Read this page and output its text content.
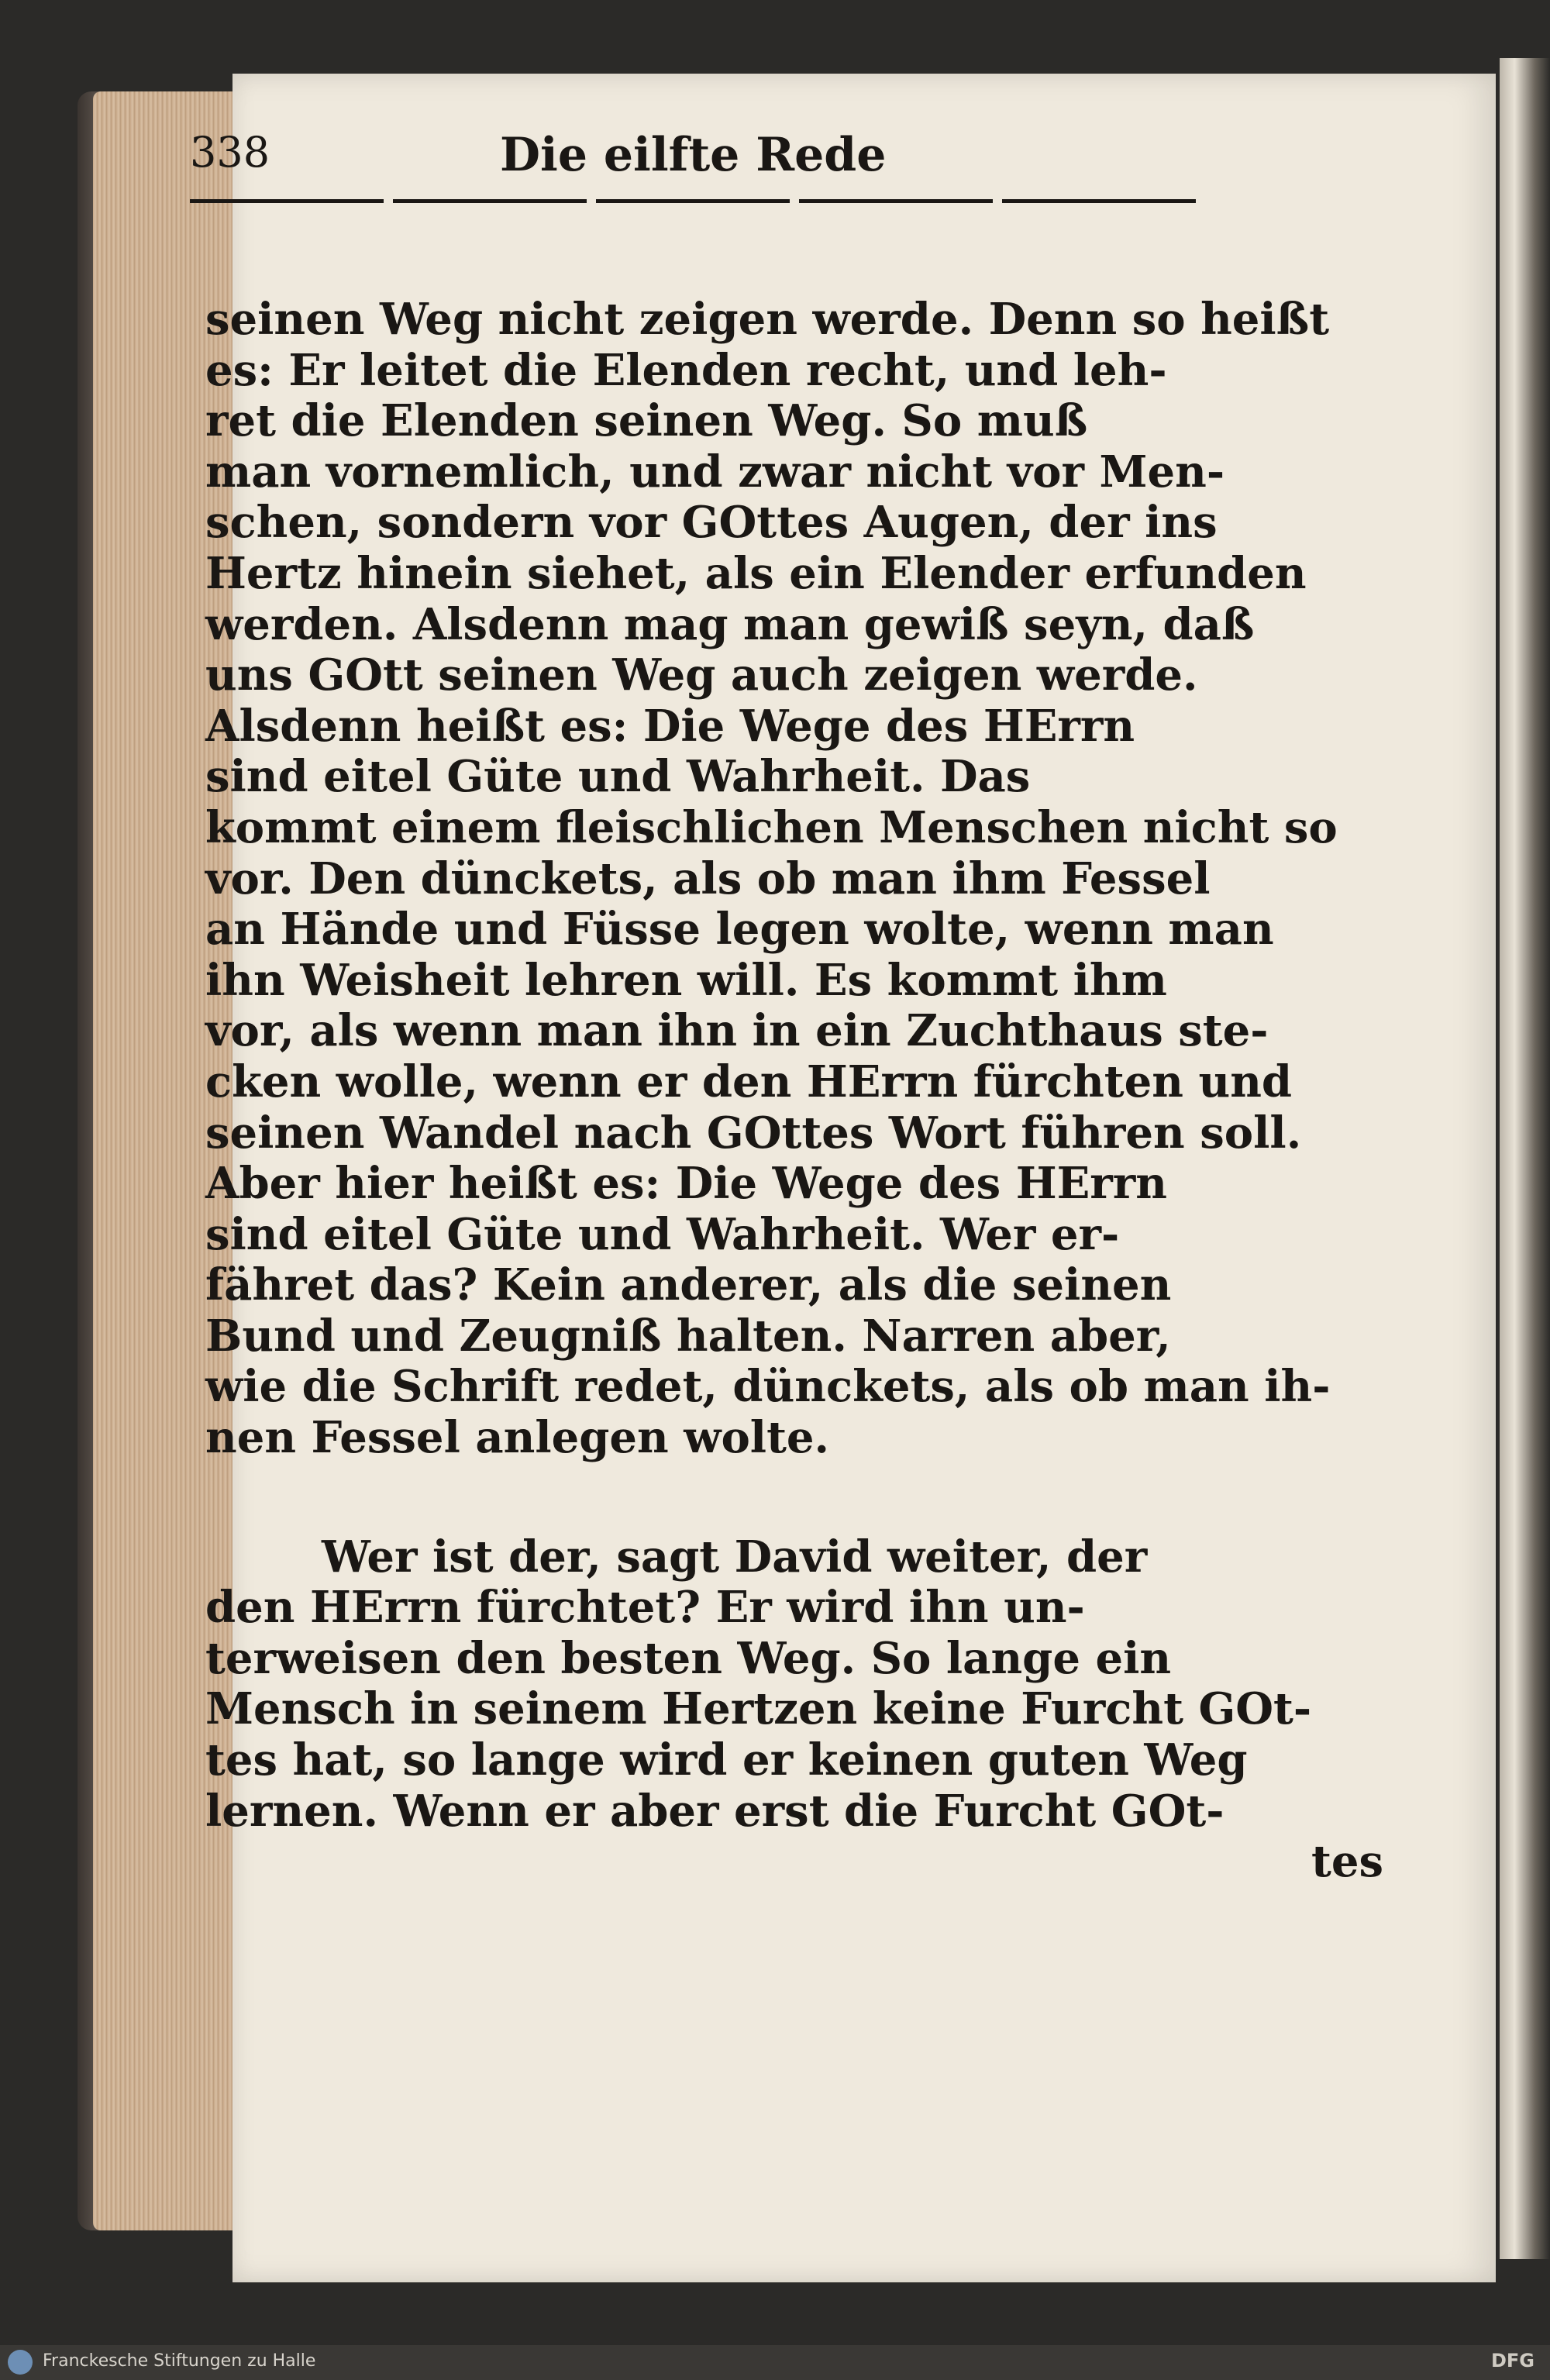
338	Die eilfte Rede
seinen Weg nicht zeigen werde. Denn so heißt
es: Er leitet die Elenden recht, und leh-
ret die Elenden seinen Weg. So muß
man vornemlich, und zwar nicht vor Men-
schen, sondern vor GOttes Augen, der ins
Hertz hinein siehet, als ein Elender erfunden
werden. Alsdenn mag man gewiß seyn, daß
uns GOtt seinen Weg auch zeigen werde.
Alsdenn heißt es: Die Wege des HErrn
sind eitel Güte und Wahrheit. Das
kommt einem fleischlichen Menschen nicht so
vor. Den dünckets, als ob man ihm Fessel
an Hände und Füsse legen wolte, wenn man
ihn Weisheit lehren will. Es kommt ihm
vor, als wenn man ihn in ein Zuchthaus ste-
cken wolle, wenn er den HErrn fürchten und
seinen Wandel nach GOttes Wort führen soll.
Aber hier heißt es: Die Wege des HErrn
sind eitel Güte und Wahrheit. Wer er-
fähret das? Kein anderer, als die seinen
Bund und Zeugniß halten. Narren aber,
wie die Schrift redet, dünckets, als ob man ih-
nen Fessel anlegen wolte.
Wer ist der, sagt David weiter, der
den HErrn fürchtet? Er wird ihn un-
terweisen den besten Weg. So lange ein
Mensch in seinem Hertzen keine Furcht GOt-
tes hat, so lange wird er keinen guten Weg
lernen. Wenn er aber erst die Furcht GOt-
tes
Franckesche Stiftungen zu Halle	DFG
